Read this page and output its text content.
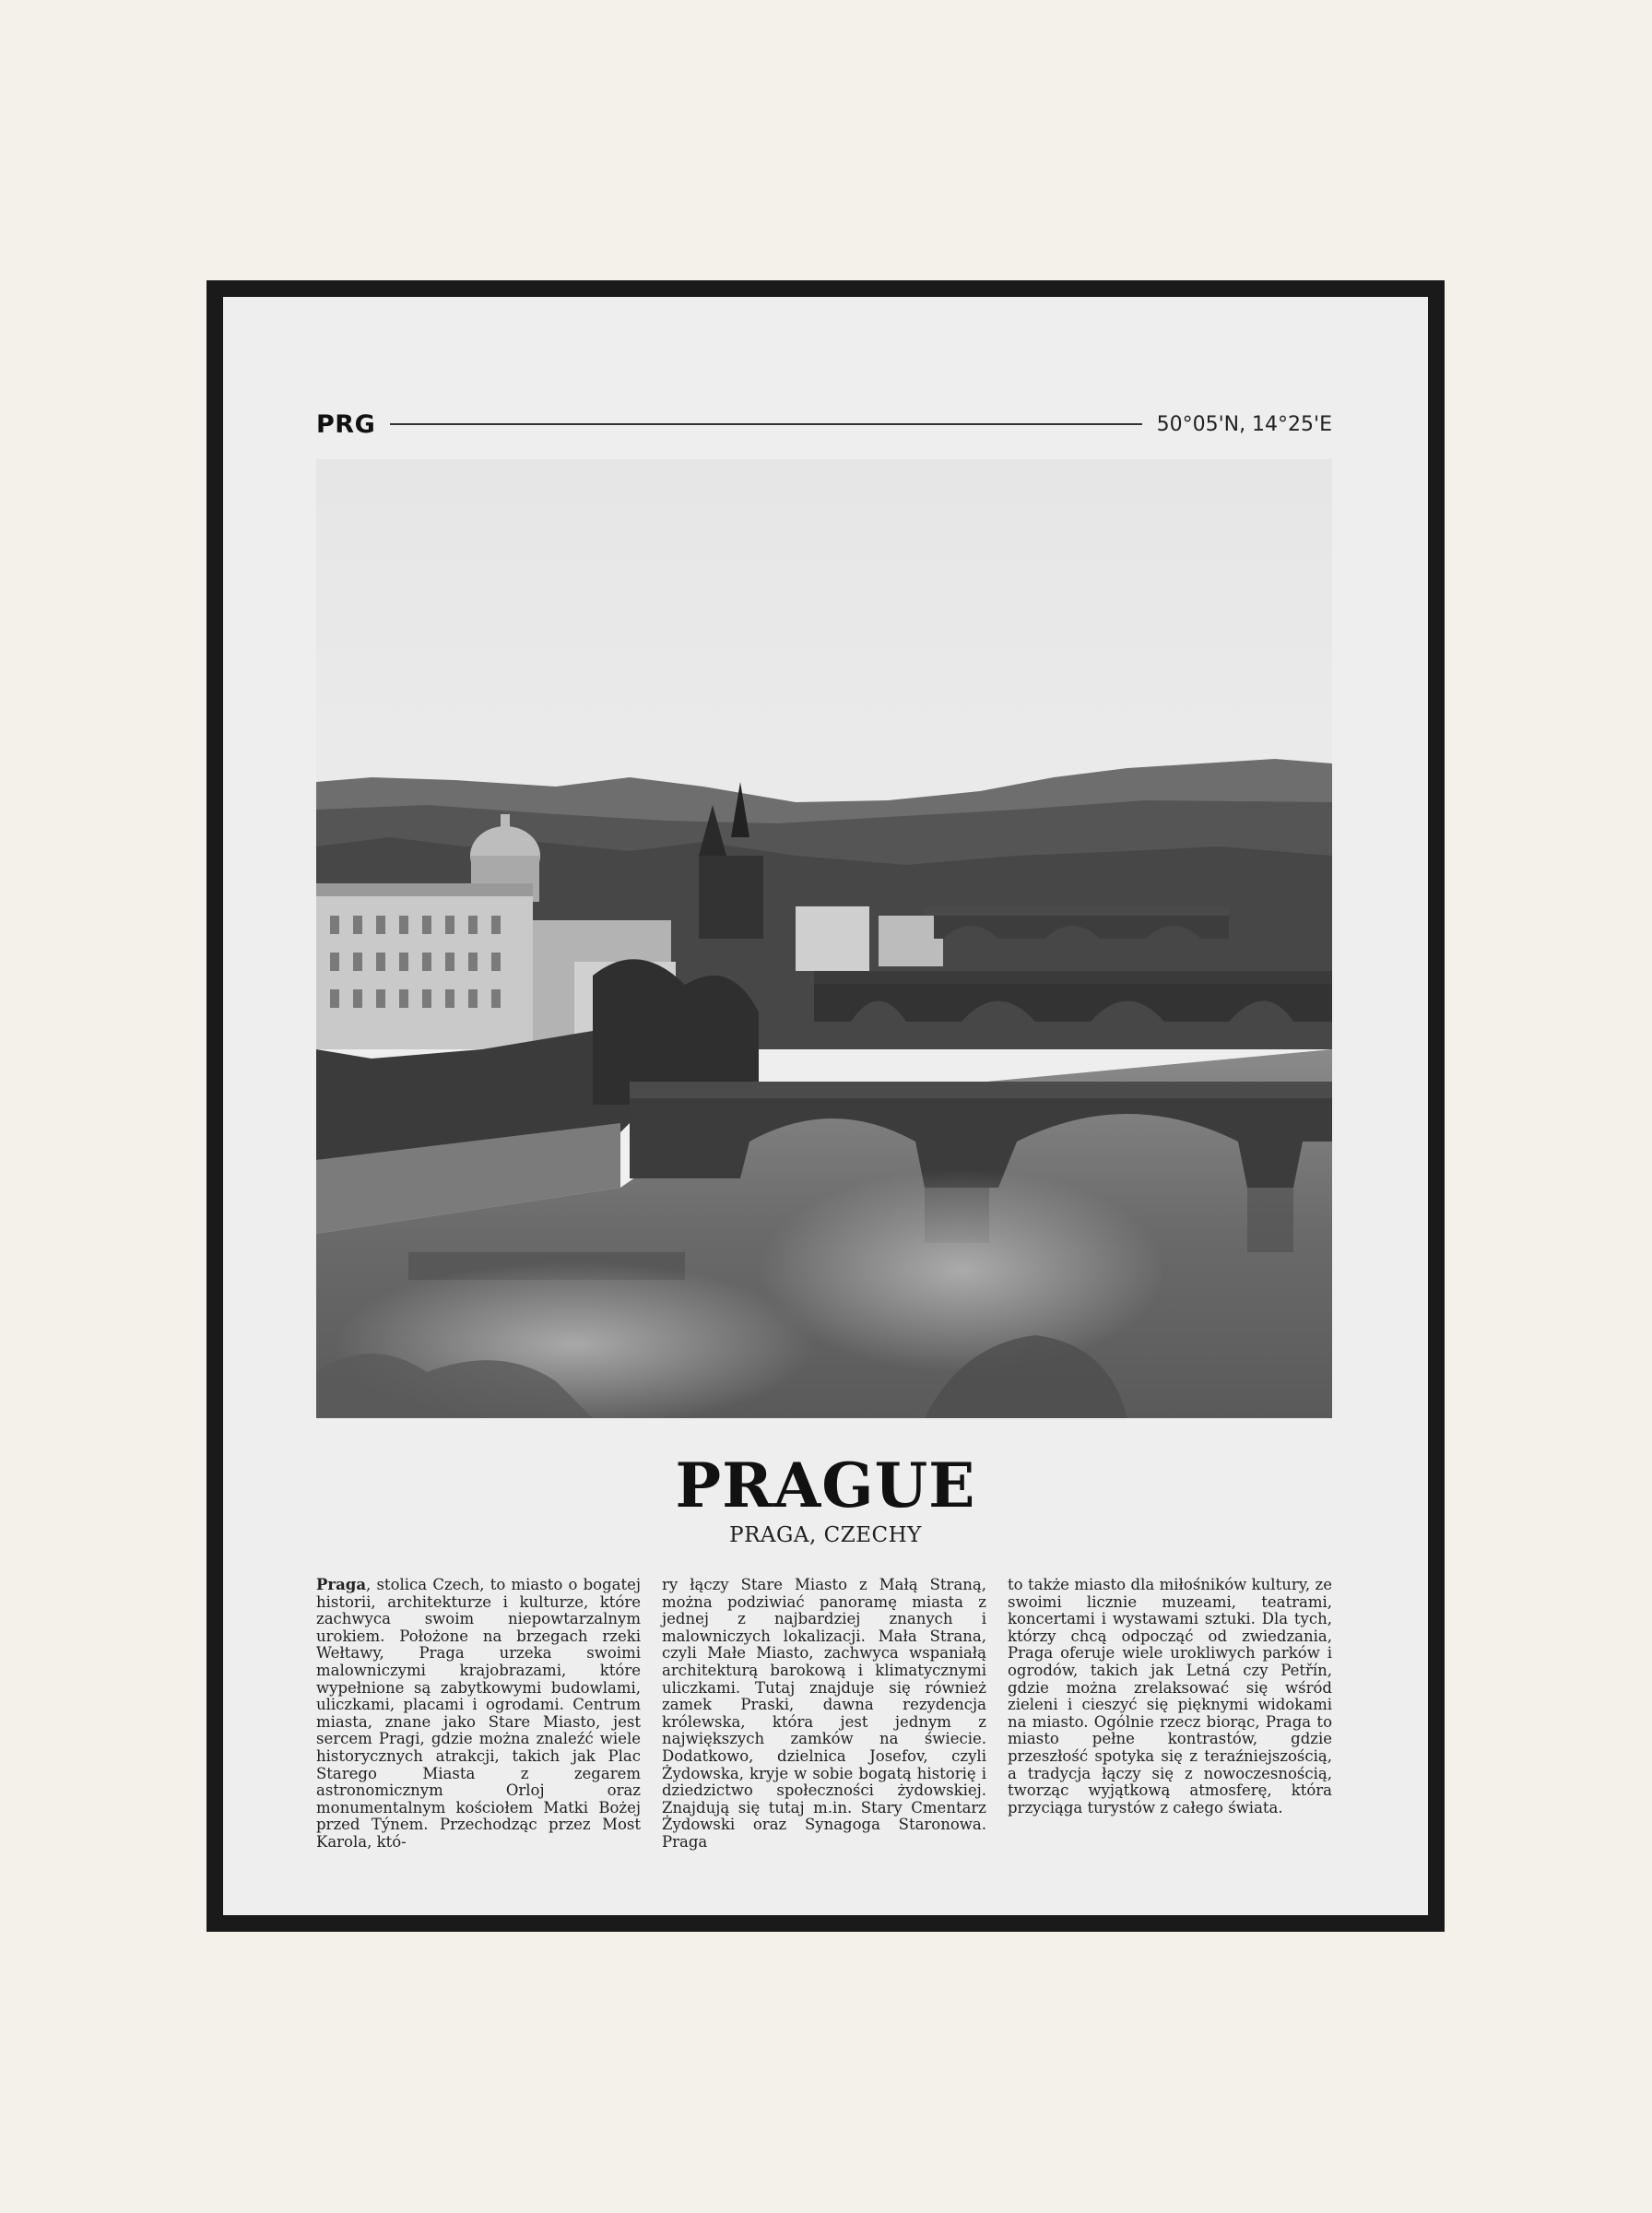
PRG	50°05'N, 14°25'E
PRAGUE
PRAGA, CZECHY
Praga, stolica Czech, to miasto o bogatej historii, architekturze i kulturze, które zachwyca swoim niepowtarzalnym urokiem. Położone na brzegach rzeki Wełtawy, Praga urzeka swoimi malowniczymi krajobrazami, które wypełnione są zabytkowymi budowlami, uliczkami, placami i ogrodami. Centrum miasta, znane jako Stare Miasto, jest sercem Pragi, gdzie można znaleźć wiele historycznych atrakcji, takich jak Plac Starego Miasta z zegarem astronomicznym Orloj oraz monumentalnym kościołem Matki Bożej przed Týnem. Przechodząc przez Most Karola, któ-
ry łączy Stare Miasto z Małą Straną, można podziwiać panoramę miasta z jednej z najbardziej znanych i malowniczych lokalizacji. Mała Strana, czyli Małe Miasto, zachwyca wspaniałą architekturą barokową i klimatycznymi uliczkami. Tutaj znajduje się również zamek Praski, dawna rezydencja królewska, która jest jednym z największych zamków na świecie. Dodatkowo, dzielnica Josefov, czyli Żydowska, kryje w sobie bogatą historię i dziedzictwo społeczności żydowskiej. Znajdują się tutaj m.in. Stary Cmentarz Żydowski oraz Synagoga Staronowa. Praga
to także miasto dla miłośników kultury, ze swoimi licznie muzeami, teatrami, koncertami i wystawami sztuki. Dla tych, którzy chcą odpocząć od zwiedzania, Praga oferuje wiele urokliwych parków i ogrodów, takich jak Letná czy Petřín, gdzie można zrelaksować się wśród zieleni i cieszyć się pięknymi widokami na miasto. Ogólnie rzecz biorąc, Praga to miasto pełne kontrastów, gdzie przeszłość spotyka się z teraźniejszością, a tradycja łączy się z nowoczesnością, tworząc wyjątkową atmosferę, która przyciąga turystów z całego świata.
